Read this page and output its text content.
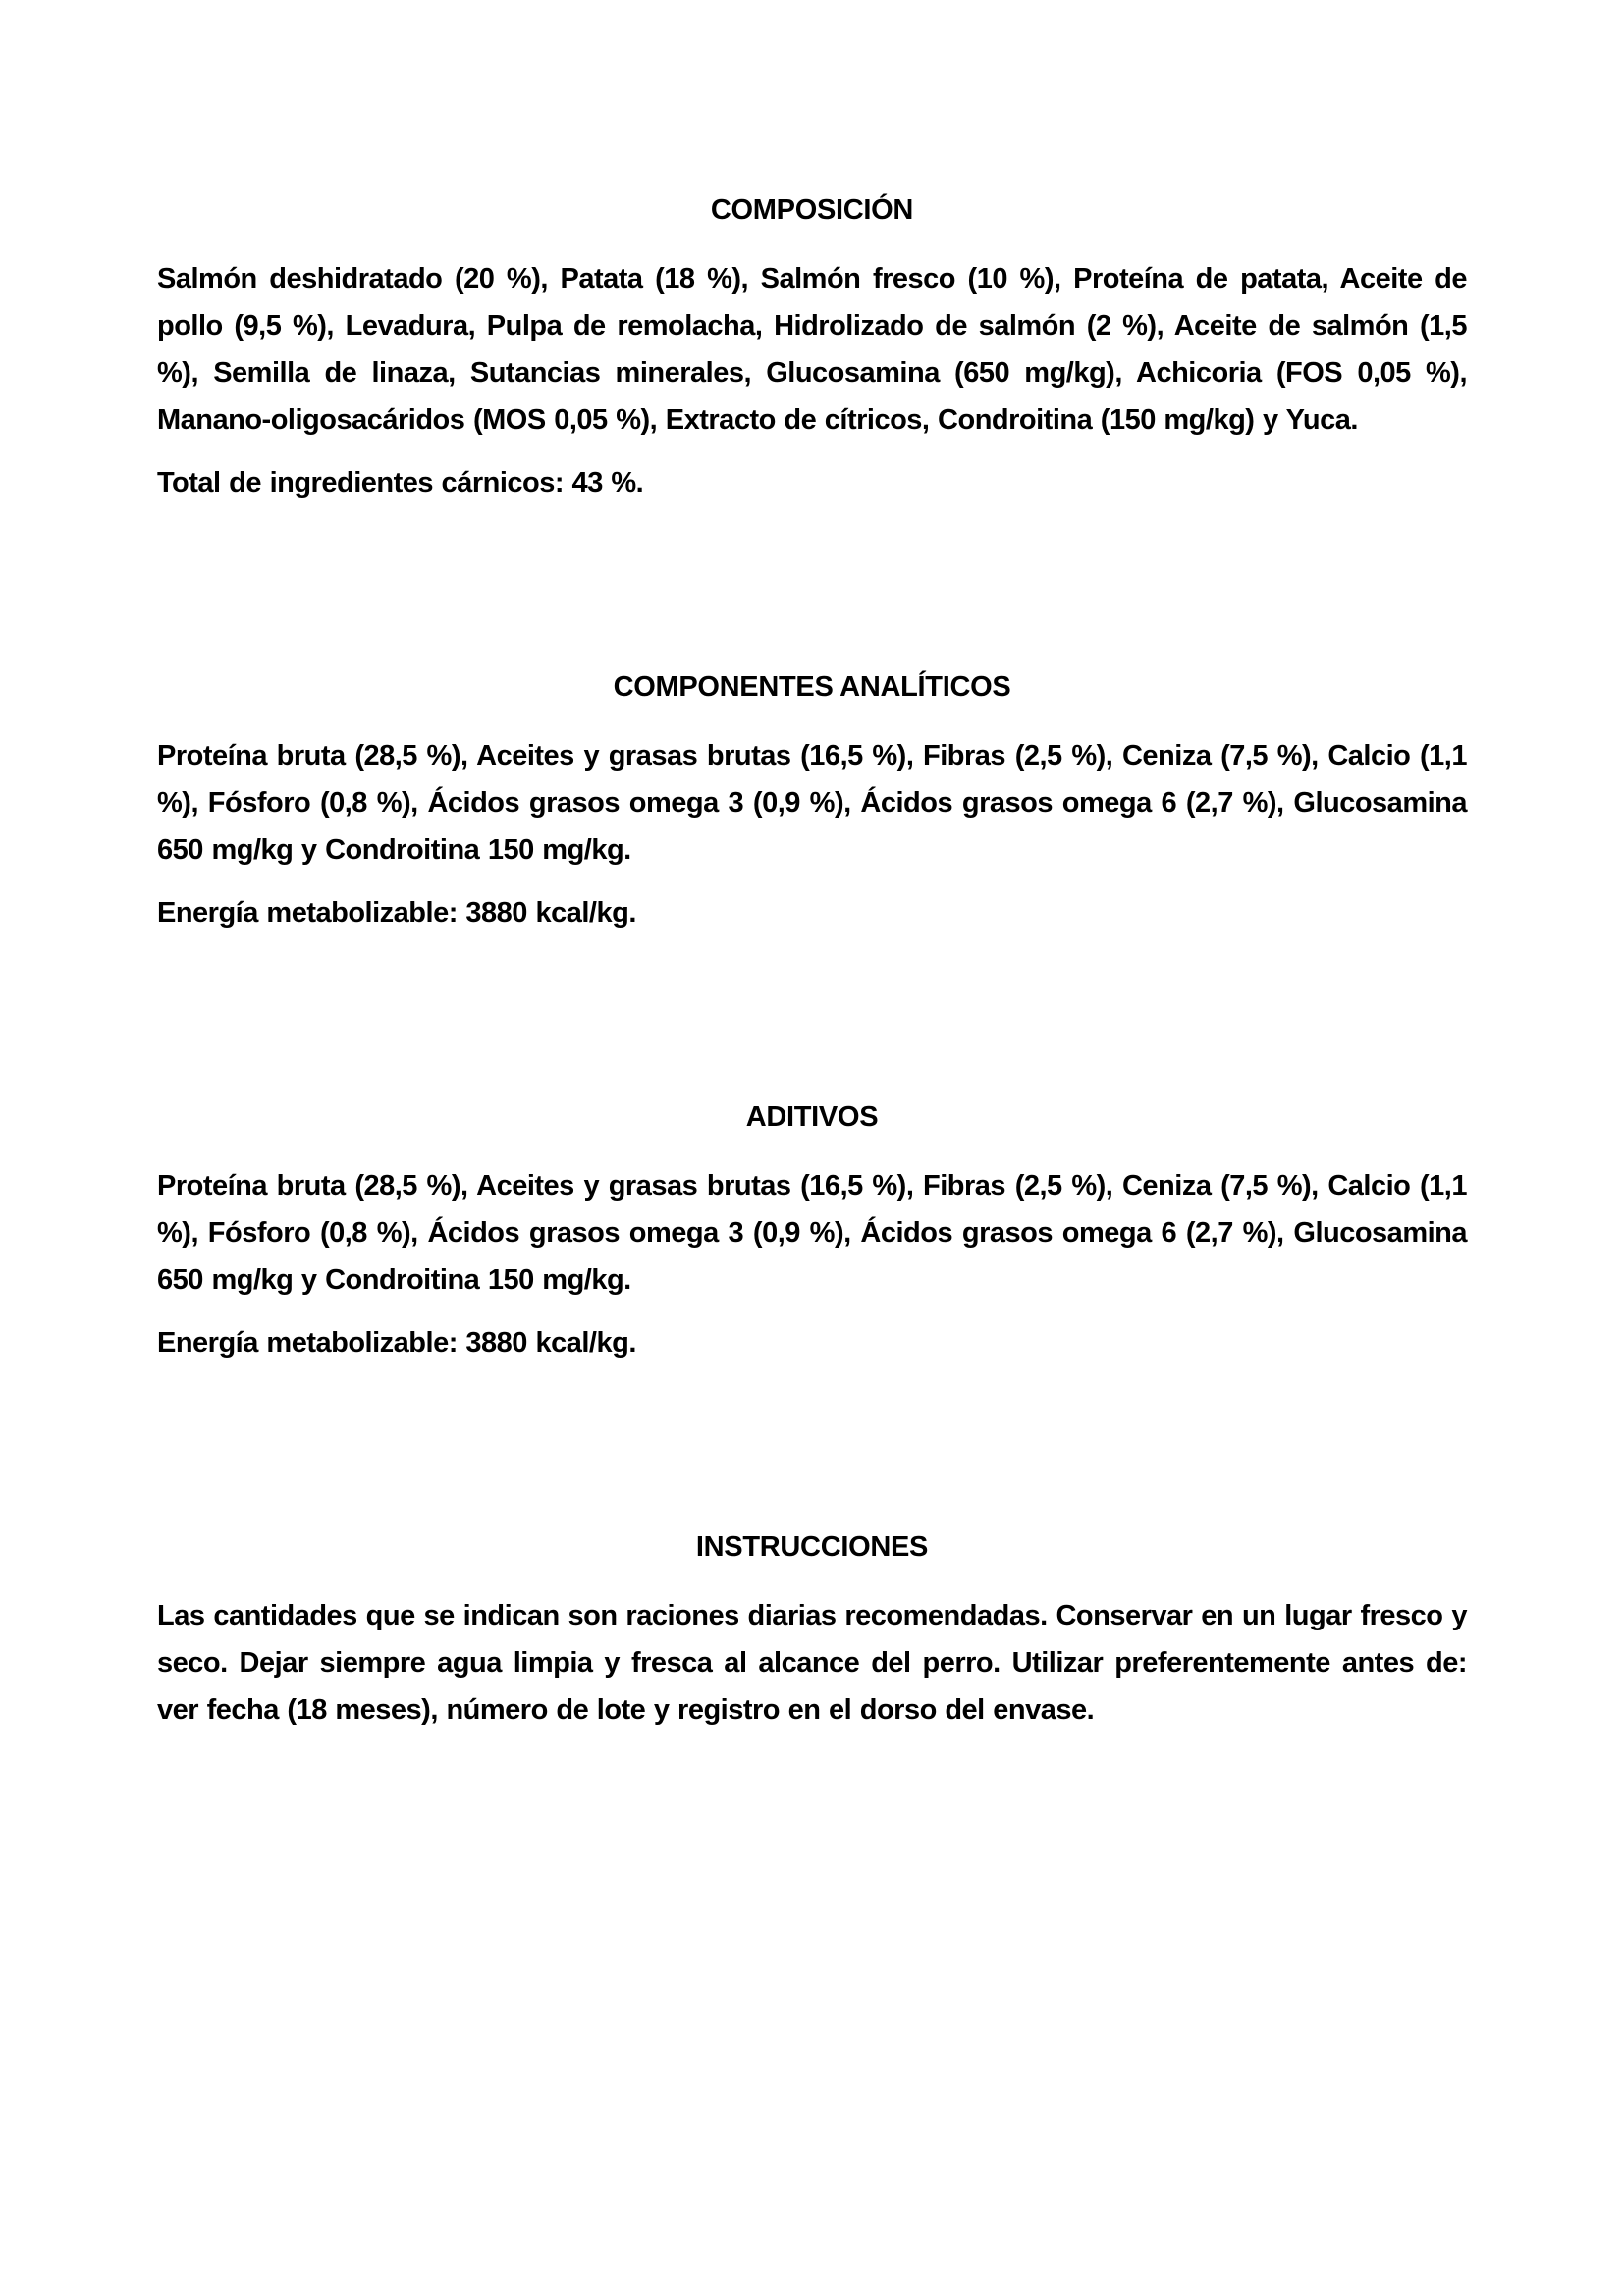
COMPOSICIÓN

Salmón deshidratado (20 %), Patata (18 %), Salmón fresco (10 %), Proteína de patata, Aceite de pollo (9,5 %), Levadura, Pulpa de remolacha, Hidrolizado de salmón (2 %), Aceite de salmón (1,5 %), Semilla de linaza, Sutancias minerales, Glucosamina (650 mg/kg), Achicoria (FOS 0,05 %), Manano-oligosacáridos (MOS 0,05 %), Extracto de cítricos, Condroitina (150 mg/kg) y Yuca.

Total de ingredientes cárnicos: 43 %.

COMPONENTES ANALÍTICOS

Proteína bruta (28,5 %), Aceites y grasas brutas (16,5 %), Fibras (2,5 %), Ceniza (7,5 %), Calcio (1,1 %), Fósforo (0,8 %), Ácidos grasos omega 3 (0,9 %), Ácidos grasos omega 6 (2,7 %), Glucosamina 650 mg/kg y Condroitina 150 mg/kg.

Energía metabolizable: 3880 kcal/kg.

ADITIVOS

Proteína bruta (28,5 %), Aceites y grasas brutas (16,5 %), Fibras (2,5 %), Ceniza (7,5 %), Calcio (1,1 %), Fósforo (0,8 %), Ácidos grasos omega 3 (0,9 %), Ácidos grasos omega 6 (2,7 %), Glucosamina 650 mg/kg y Condroitina 150 mg/kg.

Energía metabolizable: 3880 kcal/kg.

INSTRUCCIONES

Las cantidades que se indican son raciones diarias recomendadas. Conservar en un lugar fresco y seco. Dejar siempre agua limpia y fresca al alcance del perro. Utilizar preferentemente antes de: ver fecha (18 meses), número de lote y registro en el dorso del envase.
